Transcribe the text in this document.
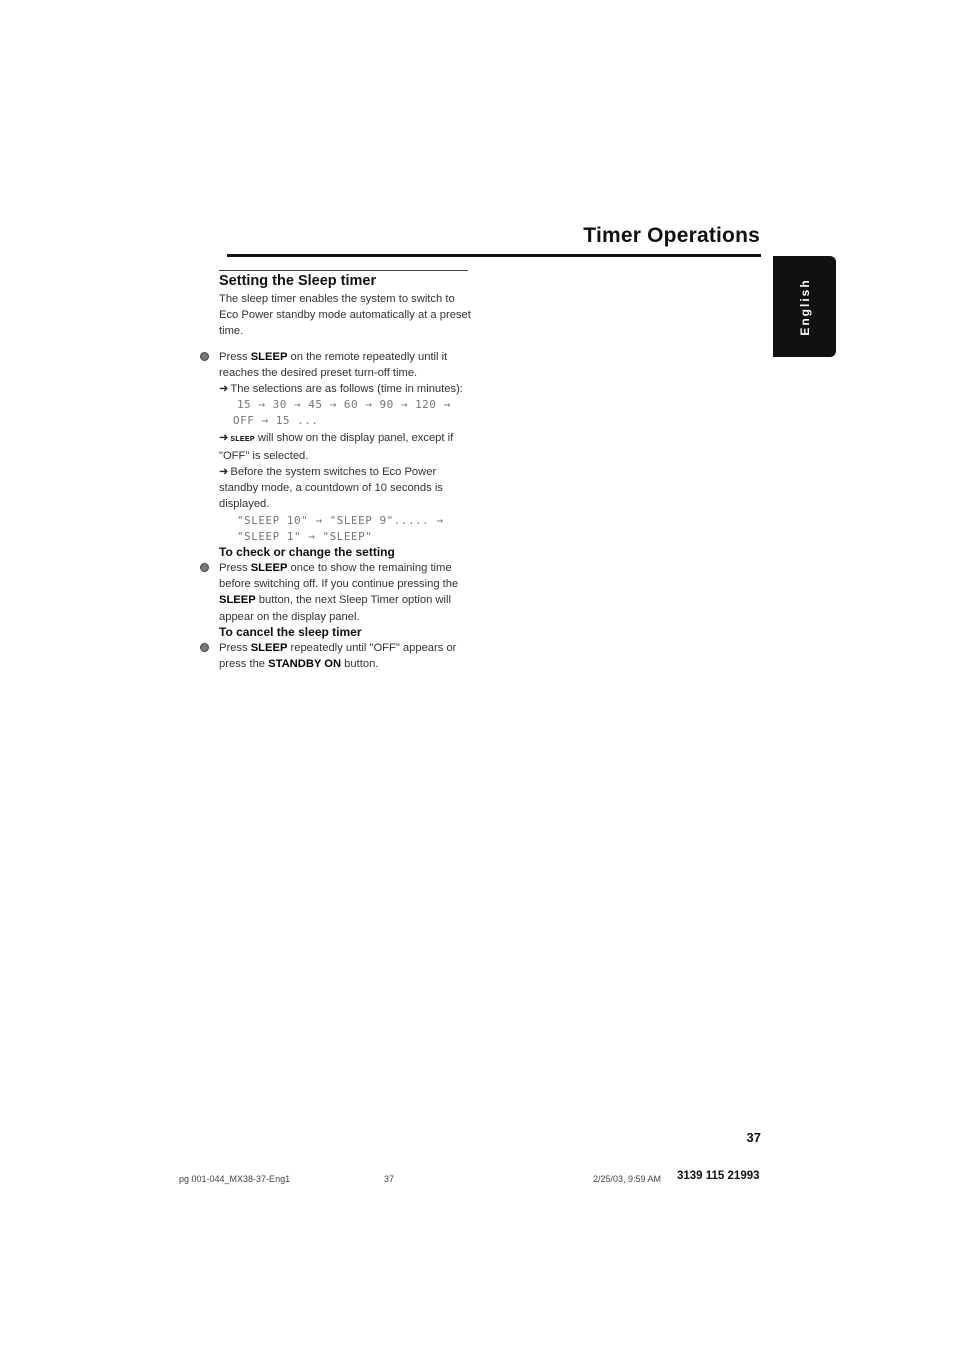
Timer Operations
English

Setting the Sleep timer

The sleep timer enables the system to switch to Eco Power standby mode automatically at a preset time.

Press SLEEP on the remote repeatedly until it reaches the desired preset turn-off time.

➜ The selections are as follows (time in minutes):

15 → 30 → 45 → 60 → 90 → 120 →

OFF → 15 ...

➜ SLEEP will show on the display panel, except if "OFF" is selected.

➜ Before the system switches to Eco Power standby mode, a countdown of 10 seconds is displayed.

"SLEEP 10" → "SLEEP 9"..... →

"SLEEP 1" → "SLEEP"

To check or change the setting

Press SLEEP once to show the remaining time before switching off. If you continue pressing the SLEEP button, the next Sleep Timer option will appear on the display panel.

To cancel the sleep timer

Press SLEEP repeatedly until "OFF" appears or press the STANDBY ON button.

37
pg 001-044_MX38-37-Eng1	37	2/25/03, 9:59 AM 3139 115 21993
